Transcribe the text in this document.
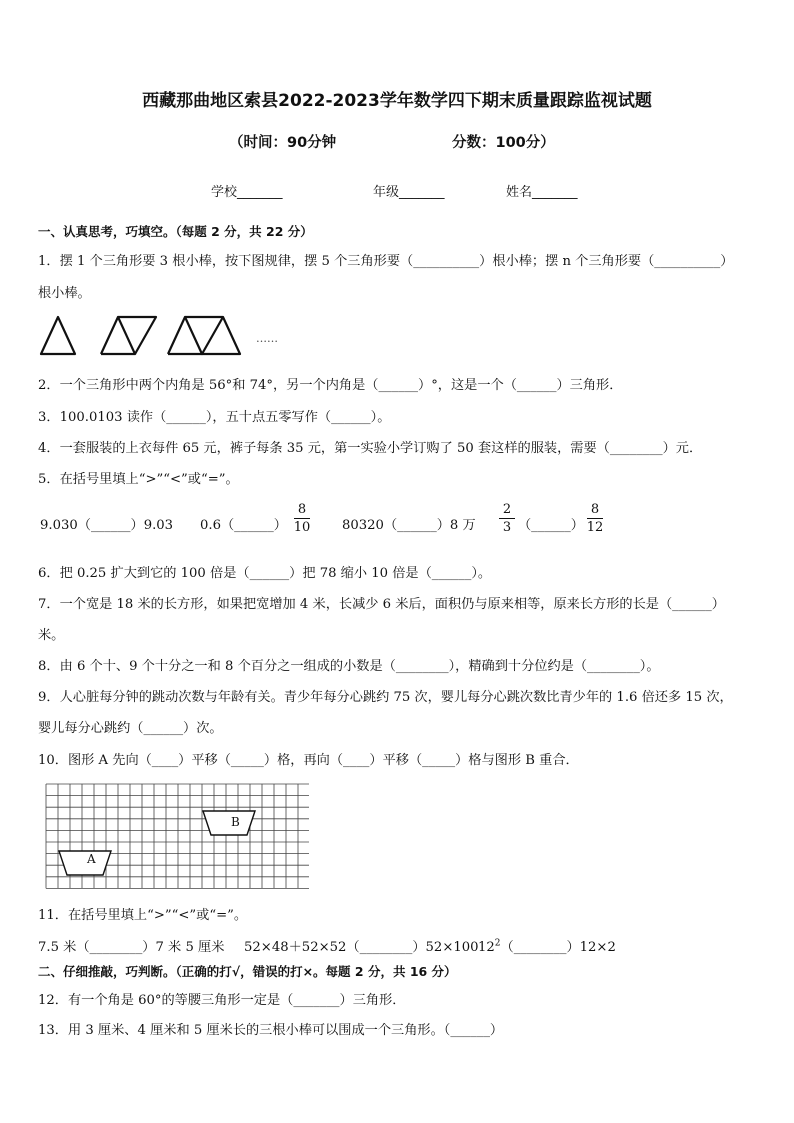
西藏那曲地区索县2022-2023学年数学四下期末质量跟踪监视试题
（时间：90分钟	分数：100分）
学校_______	年级_______	姓名_______
一、认真思考，巧填空。（每题 2 分，共 22 分）
1．摆 1 个三角形要 3 根小棒，按下图规律，摆 5 个三角形要（__________）根小棒；摆 n 个三角形要（__________）
根小棒。
……
2．一个三角形中两个内角是 56°和 74°，另一个内角是（______）°，这是一个（______）三角形．
3．100.0103 读作（______），五十点五零写作（______）。
4．一套服装的上衣每件 65 元，裤子每条 35 元，第一实验小学订购了 50 套这样的服装，需要（________）元．
5．在括号里填上“>”“<”或“=”。
9.030（______）9.03 0.6（______）
8
10 80320（______）8 万
2
3 （______）
8
12
6．把 0.25 扩大到它的 100 倍是（______）把 78 缩小 10 倍是（______）。
7．一个宽是 18 米的长方形，如果把宽增加 4 米，长减少 6 米后，面积仍与原来相等，原来长方形的长是（______）
米。
8．由 6 个十、9 个十分之一和 8 个百分之一组成的小数是（________），精确到十分位约是（________）。
9．人心脏每分钟的跳动次数与年龄有关。青少年每分心跳约 75 次，婴儿每分心跳次数比青少年的 1.6 倍还多 15 次，
婴儿每分心跳约（______）次。
10．图形 A 先向（____）平移（_____）格，再向（____）平移（_____）格与图形 B 重合．
B
A
11．在括号里填上“>”“<”或“=”。
7.5 米（________）7 米 5 厘米 52×48＋52×52（________）52×100 $12^2(\_\_\_\_\_\_\_\_)12\times 2$
二、仔细推敲，巧判断。（正确的打√，错误的打×。每题 2 分，共 16 分）
12．有一个角是 60°的等腰三角形一定是（_______）三角形．
13．用 3 厘米、4 厘米和 5 厘米长的三根小棒可以围成一个三角形。（______）
